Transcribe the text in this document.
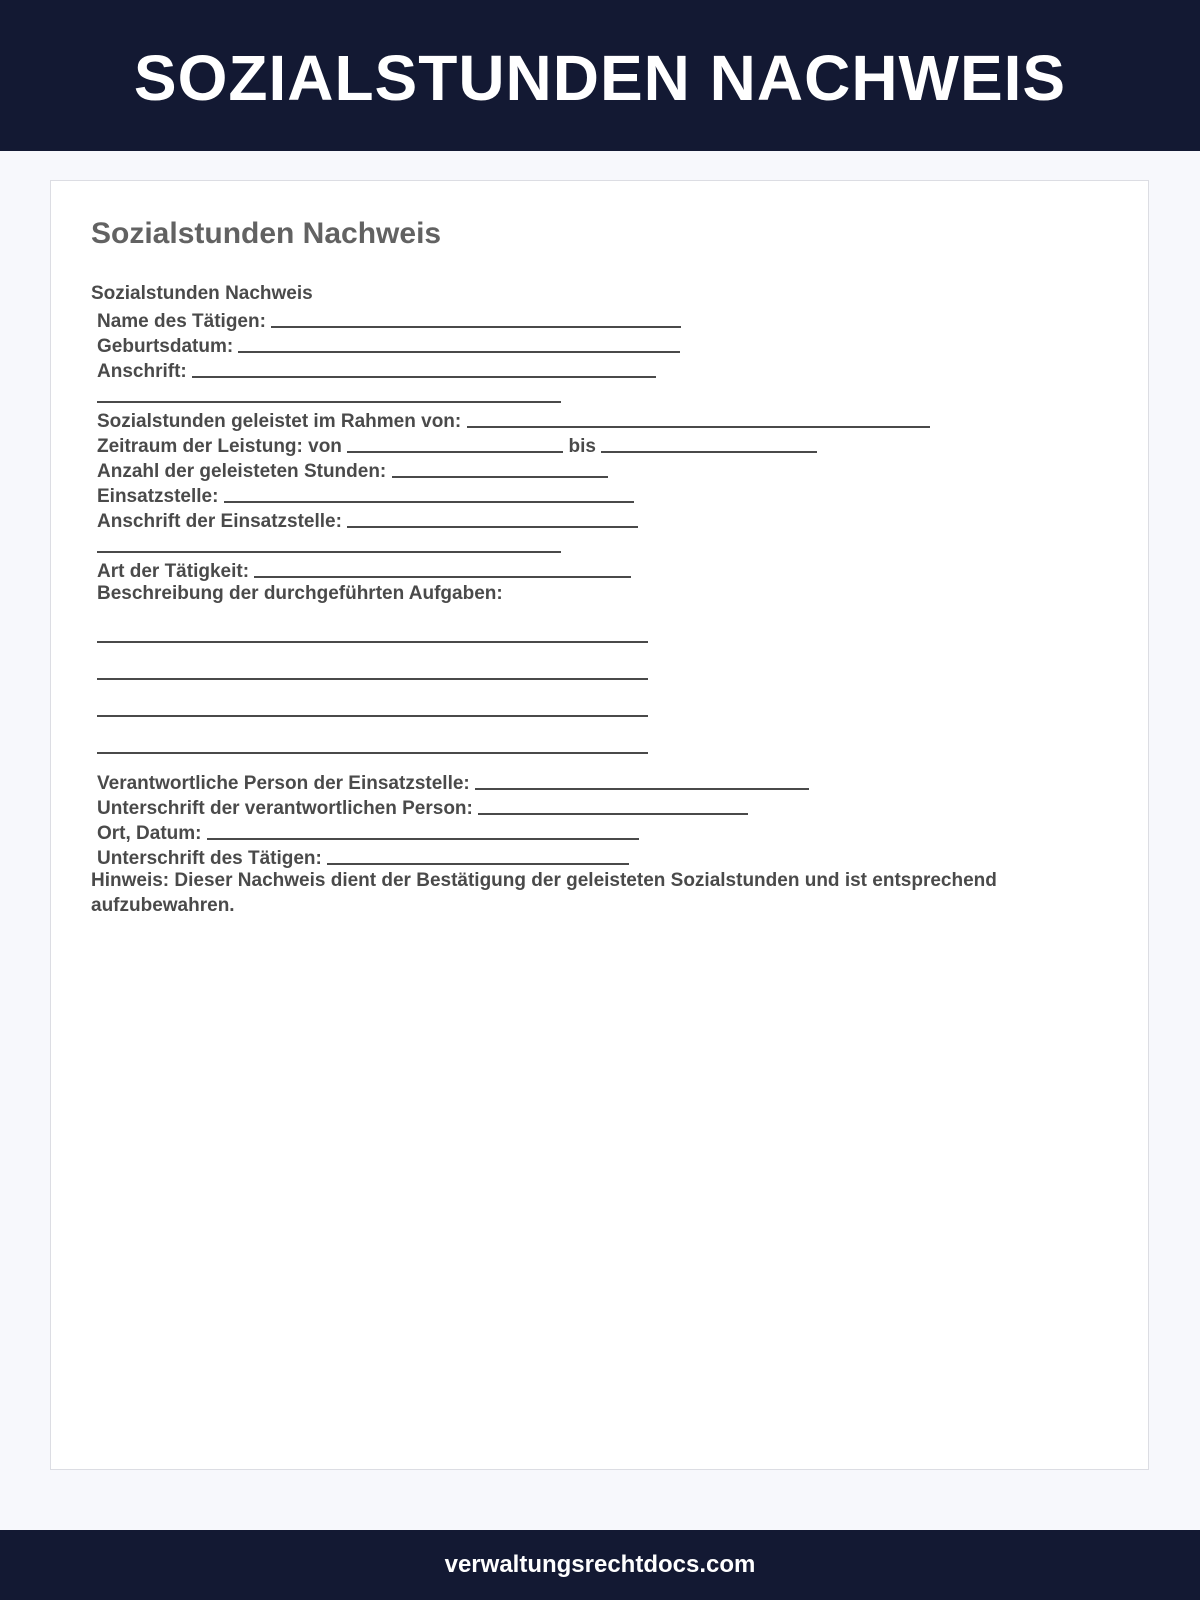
SOZIALSTUNDEN NACHWEIS
Sozialstunden Nachweis
Sozialstunden Nachweis
Name des Tätigen:
Geburtsdatum:
Anschrift:
Sozialstunden geleistet im Rahmen von:
Zeitraum der Leistung: von	bis
Anzahl der geleisteten Stunden:
Einsatzstelle:
Anschrift der Einsatzstelle:
Art der Tätigkeit:
Beschreibung der durchgeführten Aufgaben:
Verantwortliche Person der Einsatzstelle:
Unterschrift der verantwortlichen Person:
Ort, Datum:
Unterschrift des Tätigen:
Hinweis: Dieser Nachweis dient der Bestätigung der geleisteten Sozialstunden und ist entsprechend aufzubewahren.
verwaltungsrechtdocs.com
